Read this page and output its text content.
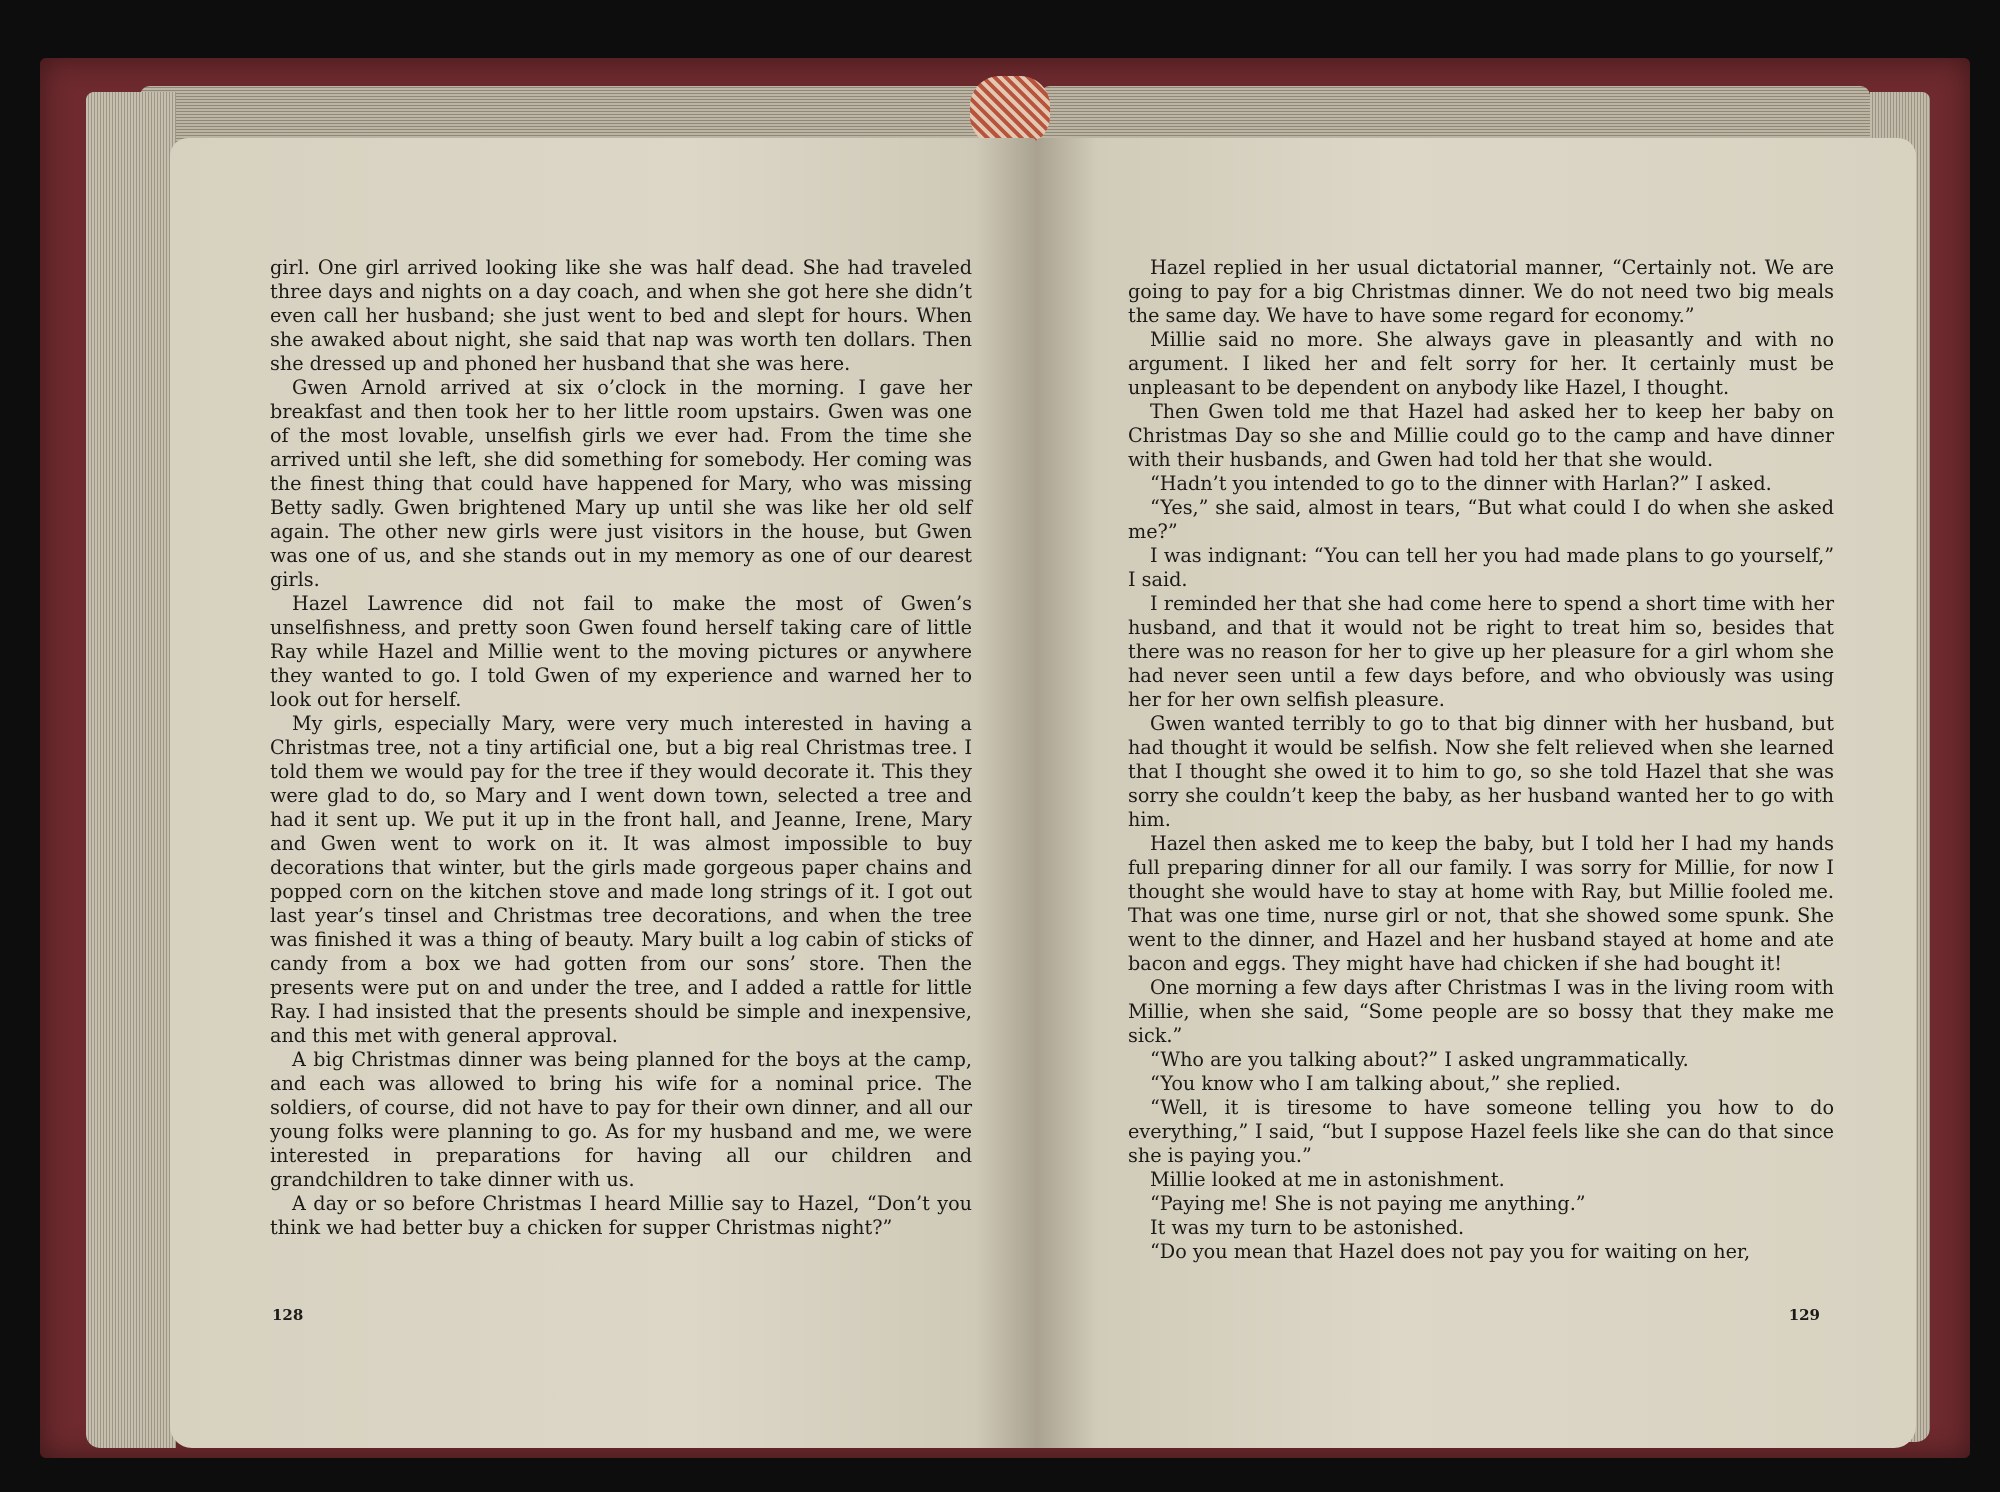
girl. One girl arrived looking like she was half dead. She had traveled three days and nights on a day coach, and when she got here she didn’t even call her husband; she just went to bed and slept for hours. When she awaked about night, she said that nap was worth ten dollars. Then she dressed up and phoned her husband that she was here.

Gwen Arnold arrived at six o’clock in the morning. I gave her breakfast and then took her to her little room upstairs. Gwen was one of the most lovable, unselfish girls we ever had. From the time she arrived until she left, she did something for somebody. Her coming was the finest thing that could have happened for Mary, who was missing Betty sadly. Gwen brightened Mary up until she was like her old self again. The other new girls were just visitors in the house, but Gwen was one of us, and she stands out in my memory as one of our dearest girls.

Hazel Lawrence did not fail to make the most of Gwen’s unselfishness, and pretty soon Gwen found herself taking care of little Ray while Hazel and Millie went to the moving pictures or anywhere they wanted to go. I told Gwen of my experience and warned her to look out for herself.

My girls, especially Mary, were very much interested in having a Christmas tree, not a tiny artificial one, but a big real Christmas tree. I told them we would pay for the tree if they would decorate it. This they were glad to do, so Mary and I went down town, selected a tree and had it sent up. We put it up in the front hall, and Jeanne, Irene, Mary and Gwen went to work on it. It was almost impossible to buy decorations that winter, but the girls made gorgeous paper chains and popped corn on the kitchen stove and made long strings of it. I got out last year’s tinsel and Christmas tree decorations, and when the tree was finished it was a thing of beauty. Mary built a log cabin of sticks of candy from a box we had gotten from our sons’ store. Then the presents were put on and under the tree, and I added a rattle for little Ray. I had insisted that the presents should be simple and inexpensive, and this met with general approval.

A big Christmas dinner was being planned for the boys at the camp, and each was allowed to bring his wife for a nominal price. The soldiers, of course, did not have to pay for their own dinner, and all our young folks were planning to go. As for my husband and me, we were interested in preparations for having all our children and grandchildren to take dinner with us.

A day or so before Christmas I heard Millie say to Hazel, “Don’t you think we had better buy a chicken for supper Christmas night?”

128

Hazel replied in her usual dictatorial manner, “Certainly not. We are going to pay for a big Christmas dinner. We do not need two big meals the same day. We have to have some regard for economy.”

Millie said no more. She always gave in pleasantly and with no argument. I liked her and felt sorry for her. It certainly must be unpleasant to be dependent on anybody like Hazel, I thought.

Then Gwen told me that Hazel had asked her to keep her baby on Christmas Day so she and Millie could go to the camp and have dinner with their husbands, and Gwen had told her that she would.

“Hadn’t you intended to go to the dinner with Harlan?” I asked.

“Yes,” she said, almost in tears, “But what could I do when she asked me?”

I was indignant: “You can tell her you had made plans to go yourself,” I said.

I reminded her that she had come here to spend a short time with her husband, and that it would not be right to treat him so, besides that there was no reason for her to give up her pleasure for a girl whom she had never seen until a few days before, and who obviously was using her for her own selfish pleasure.

Gwen wanted terribly to go to that big dinner with her husband, but had thought it would be selfish. Now she felt relieved when she learned that I thought she owed it to him to go, so she told Hazel that she was sorry she couldn’t keep the baby, as her husband wanted her to go with him.

Hazel then asked me to keep the baby, but I told her I had my hands full preparing dinner for all our family. I was sorry for Millie, for now I thought she would have to stay at home with Ray, but Millie fooled me. That was one time, nurse girl or not, that she showed some spunk. She went to the dinner, and Hazel and her husband stayed at home and ate bacon and eggs. They might have had chicken if she had bought it!

One morning a few days after Christmas I was in the living room with Millie, when she said, “Some people are so bossy that they make me sick.”

“Who are you talking about?” I asked ungrammatically.

“You know who I am talking about,” she replied.

“Well, it is tiresome to have someone telling you how to do everything,” I said, “but I suppose Hazel feels like she can do that since she is paying you.”

Millie looked at me in astonishment.

“Paying me! She is not paying me anything.”

It was my turn to be astonished.

“Do you mean that Hazel does not pay you for waiting on her,

129
